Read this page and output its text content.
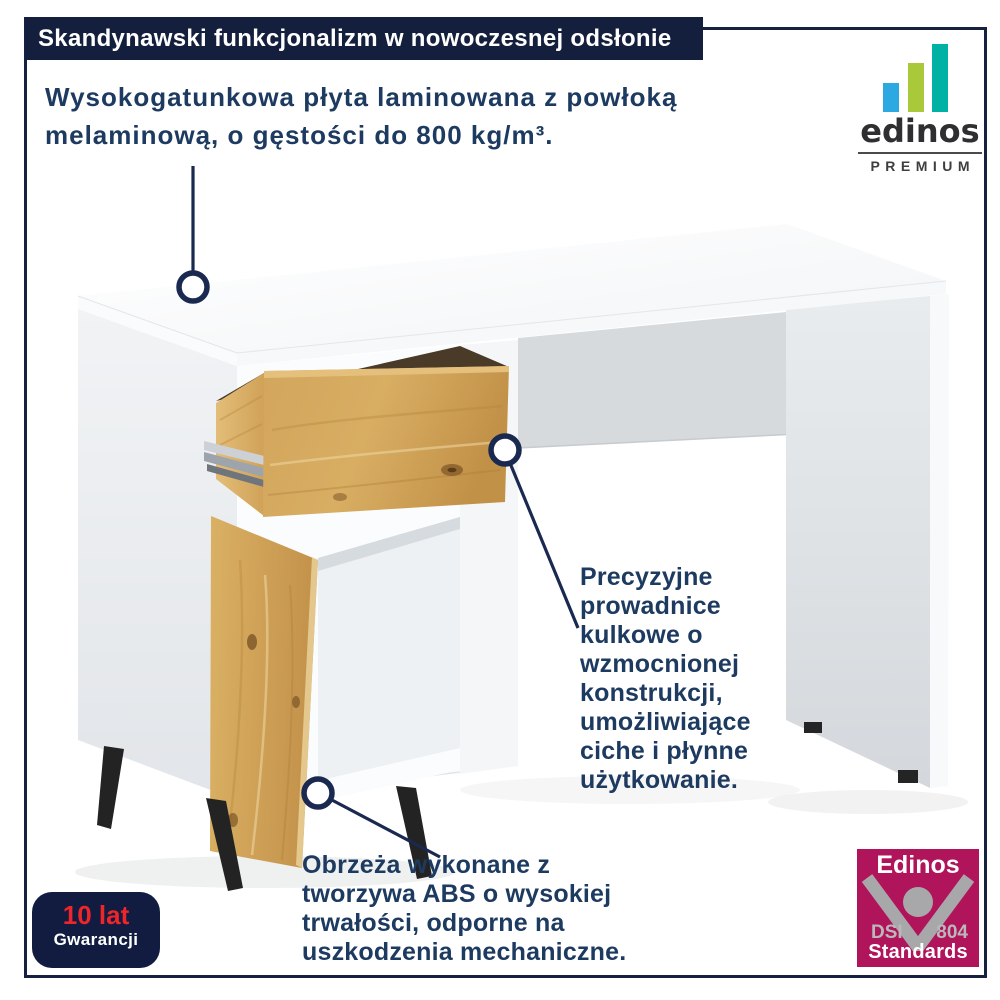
Skandynawski funkcjonalizm w nowoczesnej odsłonie
Wysokogatunkowa płyta laminowana z powłoką
melaminową, o gęstości do 800 kg/m³.
Precyzyjne
prowadnice
kulkowe o
wzmocnionej
konstrukcji,
umożliwiające
ciche i płynne
użytkowanie.
Obrzeża wykonane z
tworzywa ABS o wysokiej
trwałości, odporne na
uszkodzenia mechaniczne.
edinos
PREMIUM
10 lat
Gwarancji
Edinos
DSI 804
Standards
